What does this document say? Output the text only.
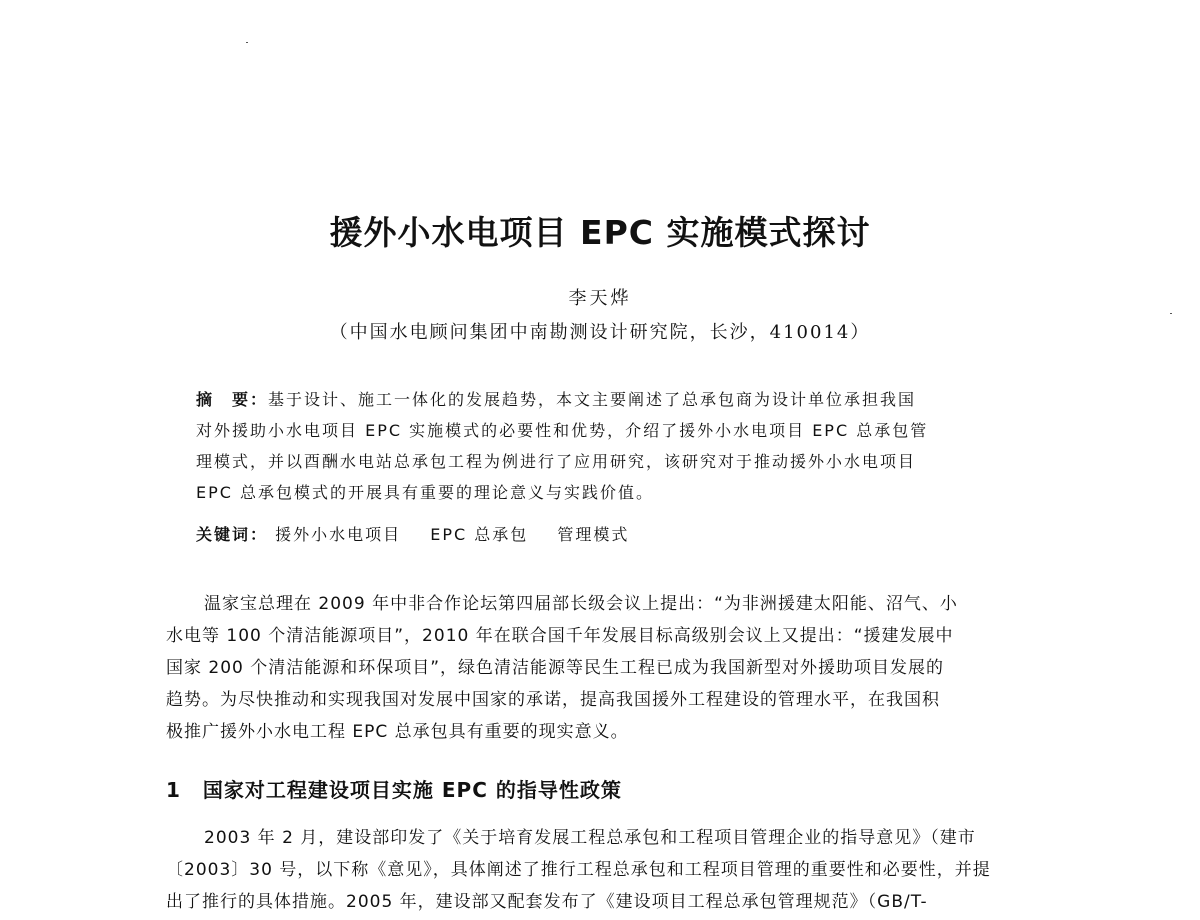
援外小水电项目 EPC 实施模式探讨
李天烨
（中国水电顾问集团中南勘测设计研究院，长沙，410014）
摘　要：基于设计、施工一体化的发展趋势，本文主要阐述了总承包商为设计单位承担我国
对外援助小水电项目 EPC 实施模式的必要性和优势，介绍了援外小水电项目 EPC 总承包管
理模式，并以酉酬水电站总承包工程为例进行了应用研究，该研究对于推动援外小水电项目
EPC 总承包模式的开展具有重要的理论意义与实践价值。
关键词： 援外小水电项目 EPC 总承包 管理模式
温家宝总理在 2009 年中非合作论坛第四届部长级会议上提出：“为非洲援建太阳能、沼气、小
水电等 100 个清洁能源项目”，2010 年在联合国千年发展目标高级别会议上又提出：“援建发展中
国家 200 个清洁能源和环保项目”，绿色清洁能源等民生工程已成为我国新型对外援助项目发展的
趋势。为尽快推动和实现我国对发展中国家的承诺，提高我国援外工程建设的管理水平，在我国积
极推广援外小水电工程 EPC 总承包具有重要的现实意义。
1 国家对工程建设项目实施 EPC 的指导性政策
2003 年 2 月，建设部印发了《关于培育发展工程总承包和工程项目管理企业的指导意见》（建市
〔2003〕30 号，以下称《意见》，具体阐述了推行工程总承包和工程项目管理的重要性和必要性，并提
出了推行的具体措施。2005 年，建设部又配套发布了《建设项目工程总承包管理规范》（GB/T-
